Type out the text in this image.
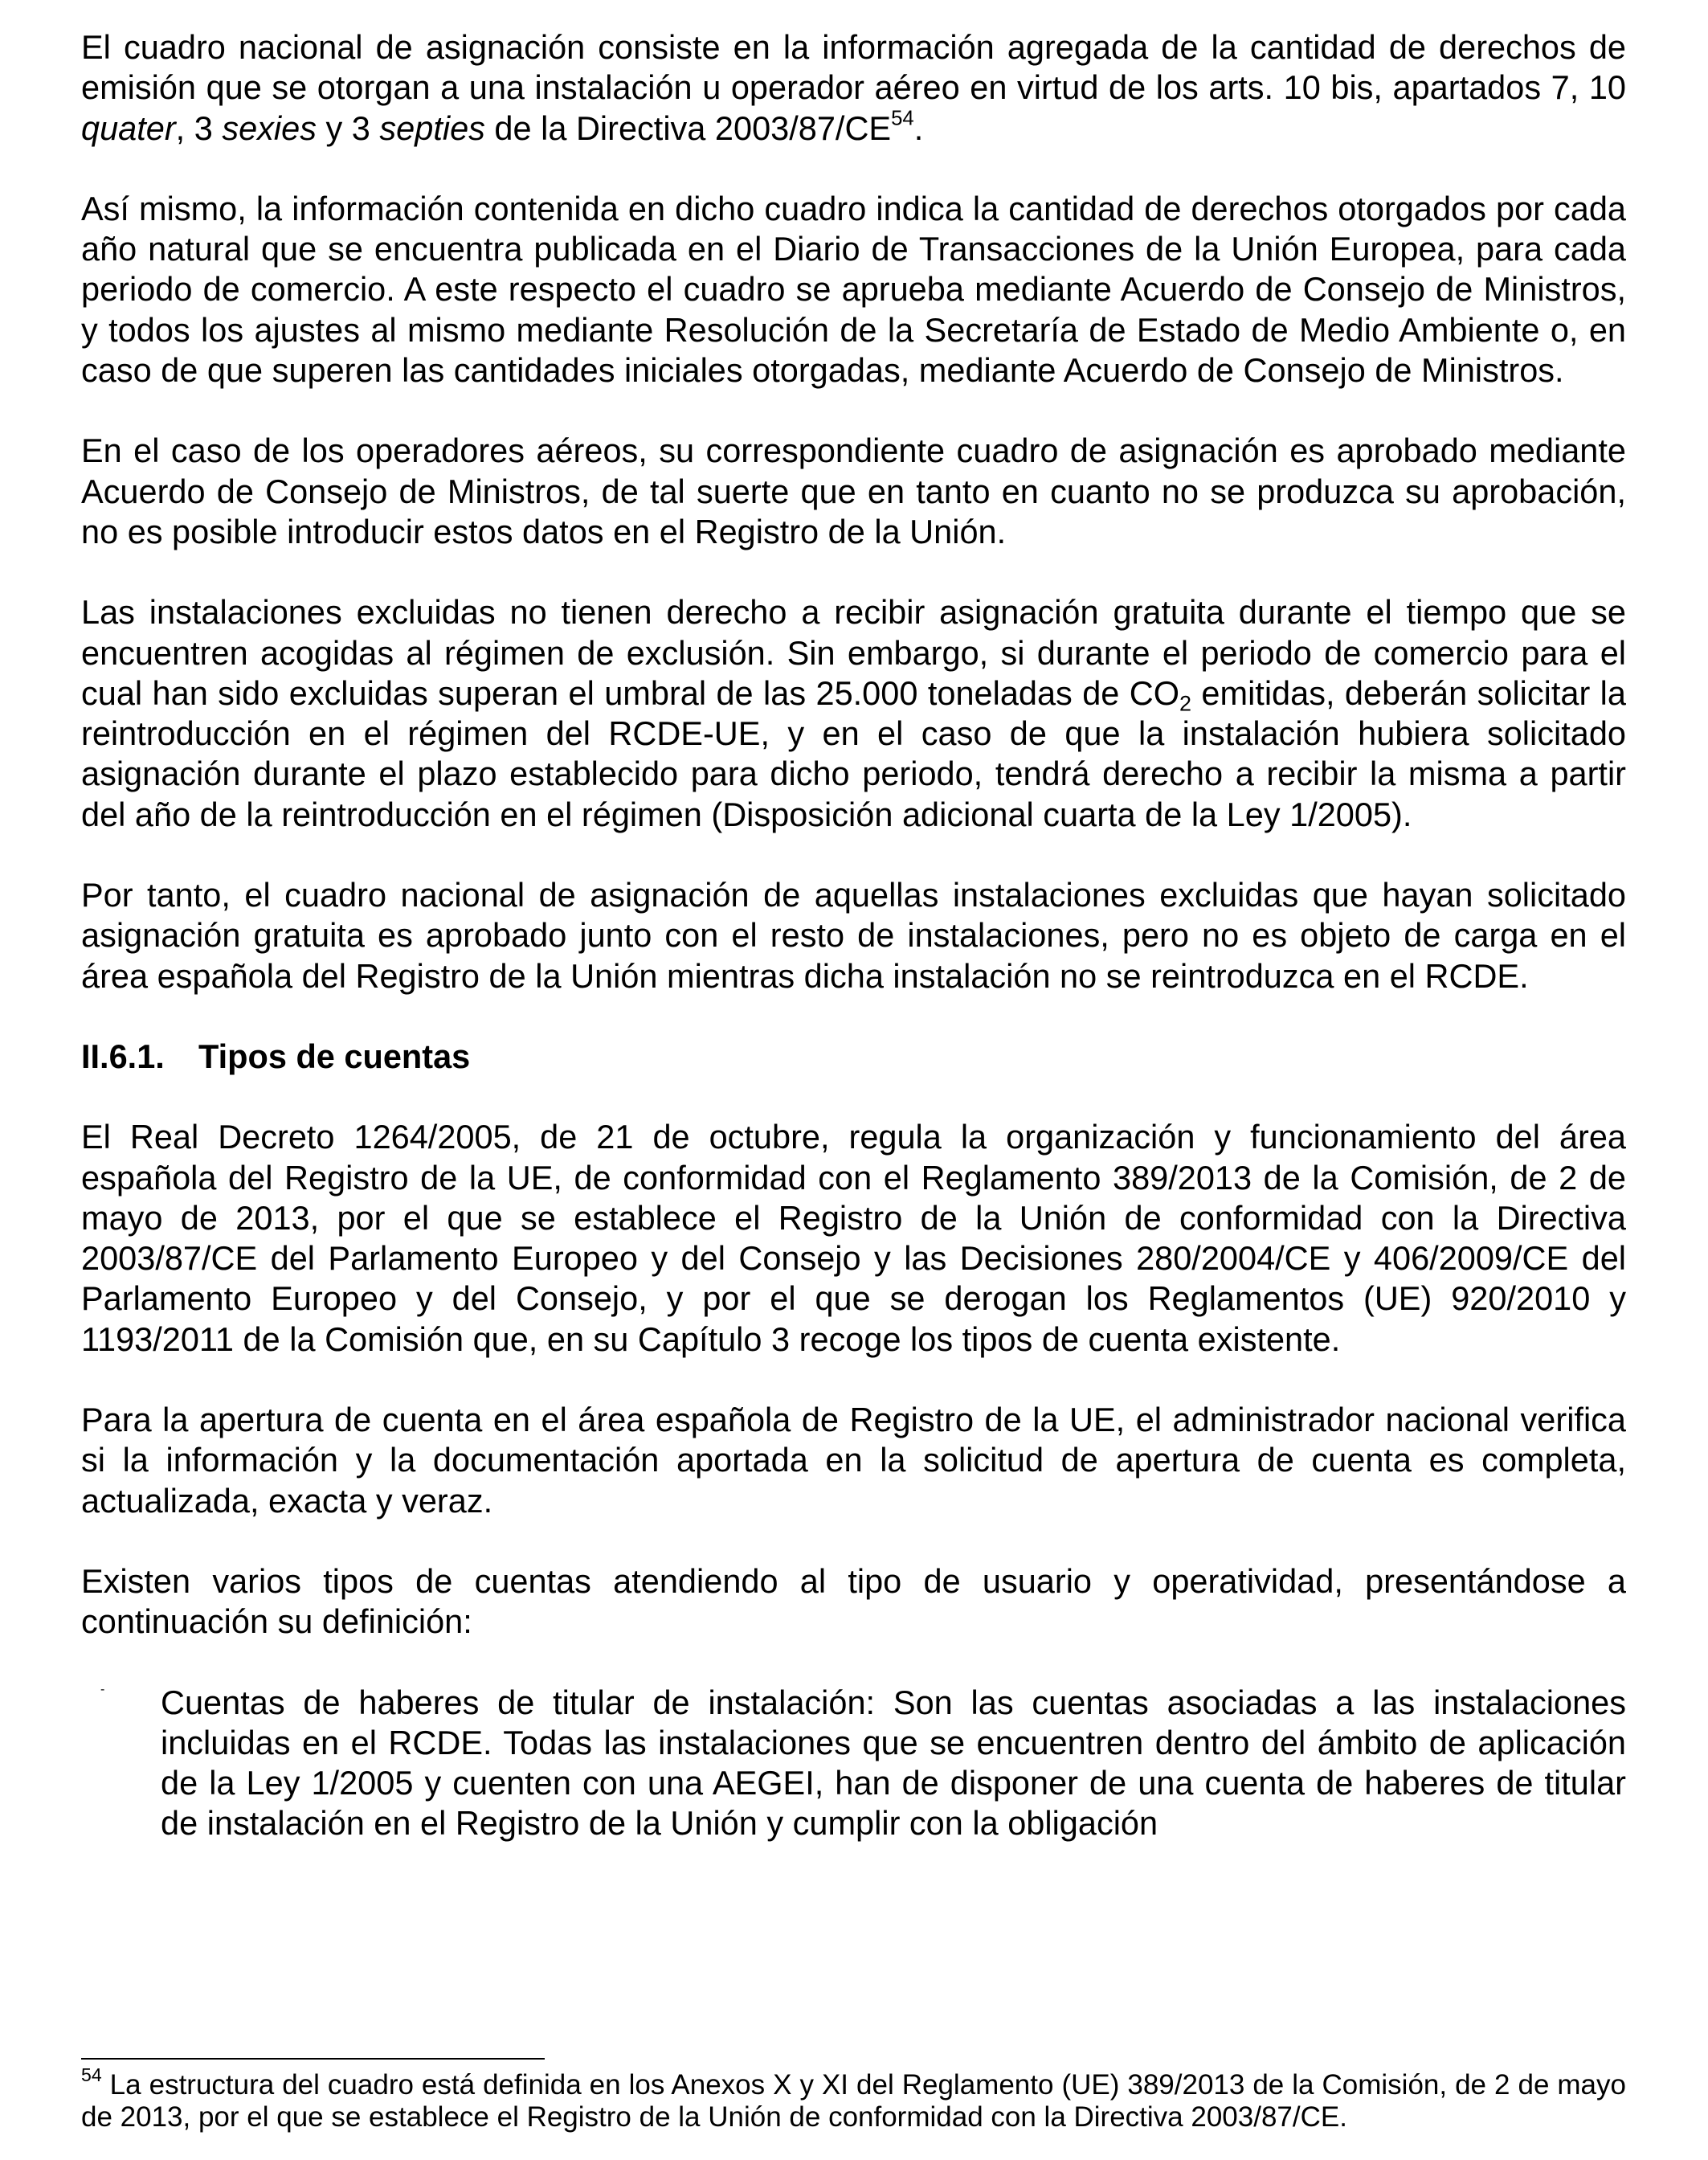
El cuadro nacional de asignación consiste en la información agregada de la cantidad de derechos de emisión que se otorgan a una instalación u operador aéreo en virtud de los arts. 10 bis, apartados 7, 10 quater, 3 sexies y 3 septies de la Directiva 2003/87/CE$^{54}$.

Así mismo, la información contenida en dicho cuadro indica la cantidad de derechos otorgados por cada año natural que se encuentra publicada en el Diario de Transacciones de la Unión Europea, para cada periodo de comercio. A este respecto el cuadro se aprueba mediante Acuerdo de Consejo de Ministros, y todos los ajustes al mismo mediante Resolución de la Secretaría de Estado de Medio Ambiente o, en caso de que superen las cantidades iniciales otorgadas, mediante Acuerdo de Consejo de Ministros.

En el caso de los operadores aéreos, su correspondiente cuadro de asignación es aprobado mediante Acuerdo de Consejo de Ministros, de tal suerte que en tanto en cuanto no se produzca su aprobación, no es posible introducir estos datos en el Registro de la Unión.

Las instalaciones excluidas no tienen derecho a recibir asignación gratuita durante el tiempo que se encuentren acogidas al régimen de exclusión. Sin embargo, si durante el periodo de comercio para el cual han sido excluidas superan el umbral de las 25.000 toneladas de $CO_2$ emitidas, deberán solicitar la reintroducción en el régimen del RCDE-UE, y en el caso de que la instalación hubiera solicitado asignación durante el plazo establecido para dicho periodo, tendrá derecho a recibir la misma a partir del año de la reintroducción en el régimen (Disposición adicional cuarta de la Ley 1/2005).

Por tanto, el cuadro nacional de asignación de aquellas instalaciones excluidas que hayan solicitado asignación gratuita es aprobado junto con el resto de instalaciones, pero no es objeto de carga en el área española del Registro de la Unión mientras dicha instalación no se reintroduzca en el RCDE.

II.6.1. Tipos de cuentas

El Real Decreto 1264/2005, de 21 de octubre, regula la organización y funcionamiento del área española del Registro de la UE, de conformidad con el Reglamento 389/2013 de la Comisión, de 2 de mayo de 2013, por el que se establece el Registro de la Unión de conformidad con la Directiva 2003/87/CE del Parlamento Europeo y del Consejo y las Decisiones 280/2004/CE y 406/2009/CE del Parlamento Europeo y del Consejo, y por el que se derogan los Reglamentos (UE) 920/2010 y 1193/2011 de la Comisión que, en su Capítulo 3 recoge los tipos de cuenta existente.

Para la apertura de cuenta en el área española de Registro de la UE, el administrador nacional verifica si la información y la documentación aportada en la solicitud de apertura de cuenta es completa, actualizada, exacta y veraz.

Existen varios tipos de cuentas atendiendo al tipo de usuario y operatividad, presentándose a continuación su definición:

- Cuentas de haberes de titular de instalación: Son las cuentas asociadas a las instalaciones incluidas en el RCDE. Todas las instalaciones que se encuentren dentro del ámbito de aplicación de la Ley 1/2005 y cuenten con una AEGEI, han de disponer de una cuenta de haberes de titular de instalación en el Registro de la Unión y cumplir con la obligación

$^{54}$ La estructura del cuadro está definida en los Anexos X y XI del Reglamento (UE) 389/2013 de la Comisión, de 2 de mayo de 2013, por el que se establece el Registro de la Unión de conformidad con la Directiva 2003/87/CE.
